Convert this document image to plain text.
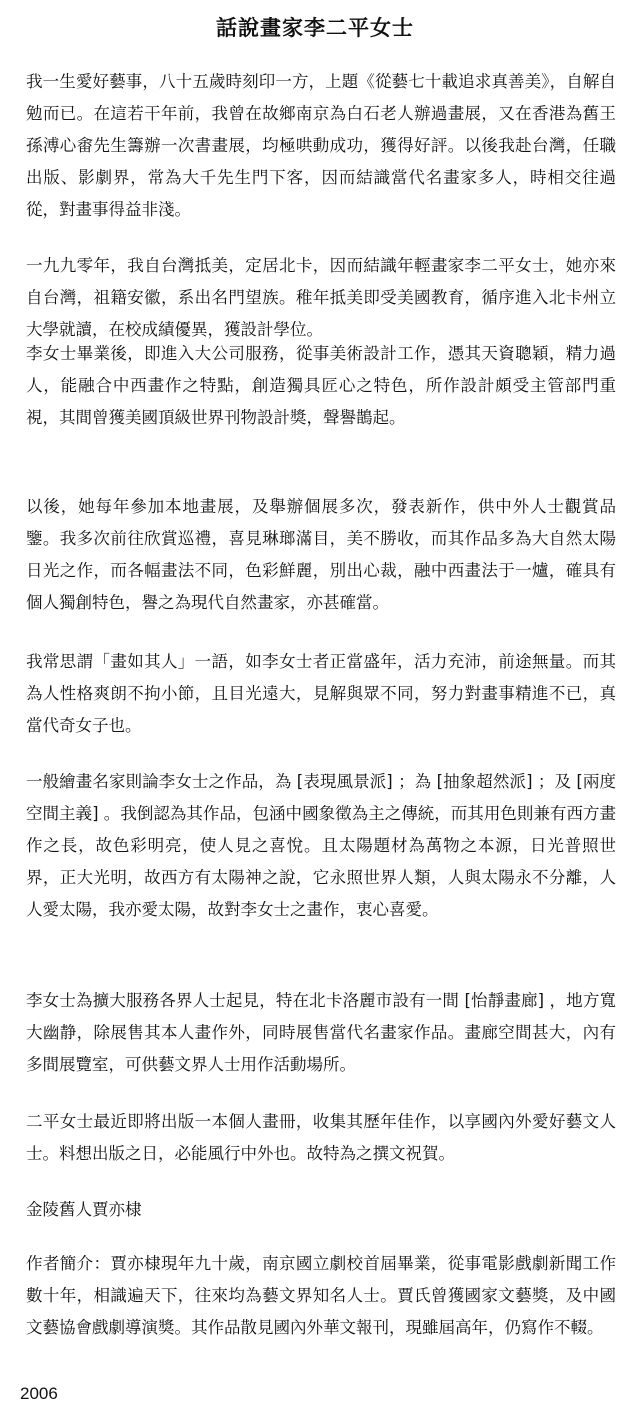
話說畫家李二平女士

我一生愛好藝事，八十五歲時刻印一方，上題《從藝七十載追求真善美》，自解自勉而已。在這若干年前，我曾在故鄉南京為白石老人辦過畫展，又在香港為舊王孫溥心畬先生籌辦一次書畫展，均極哄動成功，獲得好評。以後我赴台灣，任職出版、影劇界，常為大千先生門下客，因而結識當代名畫家多人，時相交往過從，對畫事得益非淺。

一九九零年，我自台灣抵美，定居北卡，因而結識年輕畫家李二平女士，她亦來自台灣，祖籍安徽，系出名門望族。稚年抵美即受美國教育，循序進入北卡州立大學就讀，在校成績優異，獲設計學位。

李女士畢業後，即進入大公司服務，從事美術設計工作，憑其天資聰穎，精力過人，能融合中西畫作之特點，創造獨具匠心之特色，所作設計頗受主管部門重視，其間曾獲美國頂級世界刊物設計獎，聲譽鵲起。

以後，她每年參加本地畫展，及舉辦個展多次，發表新作，供中外人士觀賞品鑒。我多次前往欣賞巡禮，喜見琳瑯滿目，美不勝收，而其作品多為大自然太陽日光之作，而各幅畫法不同，色彩鮮麗，別出心裁，融中西畫法于一爐，確具有個人獨創特色，譽之為現代自然畫家，亦甚確當。

我常思謂「畫如其人」一語，如李女士者正當盛年，活力充沛，前途無量。而其為人性格爽朗不拘小節，且目光遠大，見解與眾不同，努力對畫事精進不已，真當代奇女子也。

一般繪畫名家則論李女士之作品，為 [表現風景派] ；為 [抽象超然派] ；及 [兩度空間主義] 。我倒認為其作品，包涵中國象徵為主之傳統，而其用色則兼有西方畫作之長，故色彩明亮，使人見之喜悅。且太陽題材為萬物之本源，日光普照世界，正大光明，故西方有太陽神之說，它永照世界人類，人與太陽永不分離，人人愛太陽，我亦愛太陽，故對李女士之畫作，衷心喜愛。

李女士為擴大服務各界人士起見，特在北卡洛麗市設有一間 [怡靜畫廊] ，地方寬大幽静，除展售其本人畫作外，同時展售當代名畫家作品。畫廊空間甚大，內有多間展覽室，可供藝文界人士用作活動場所。

二平女士最近即將出版一本個人畫冊，收集其歷年佳作，以享國內外愛好藝文人士。料想出版之日，必能風行中外也。故特為之撰文祝賀。

金陵舊人賈亦棣

作者簡介：賈亦棣現年九十歲，南京國立劇校首屆畢業，從事電影戲劇新聞工作數十年，相識遍天下，往來均為藝文界知名人士。賈氏曾獲國家文藝獎，及中國文藝協會戲劇導演獎。其作品散見國內外華文報刊，現雖屆高年，仍寫作不輟。

2006
